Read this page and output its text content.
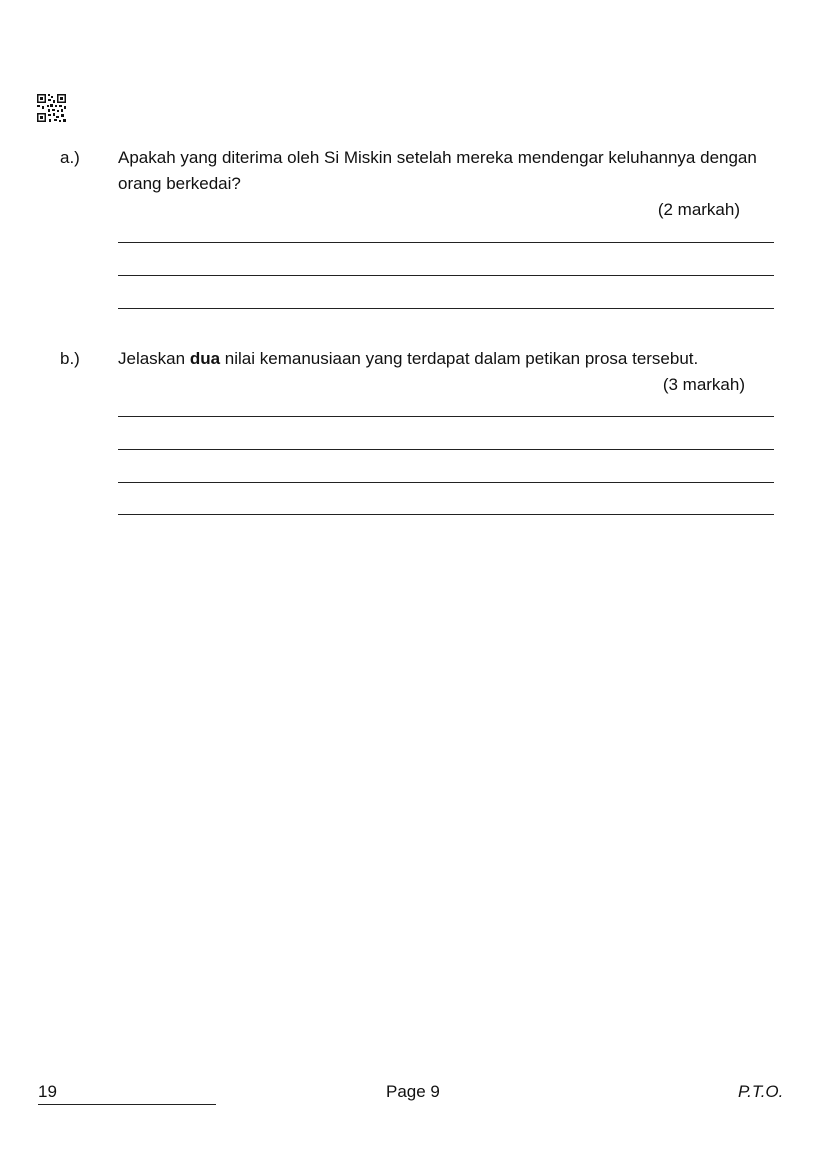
a.) Apakah yang diterima oleh Si Miskin setelah mereka mendengar keluhannya dengan orang berkedai?
(2 markah)
b.) Jelaskan dua nilai kemanusiaan yang terdapat dalam petikan prosa tersebut.
(3 markah)
19	Page 9	P.T.O.
